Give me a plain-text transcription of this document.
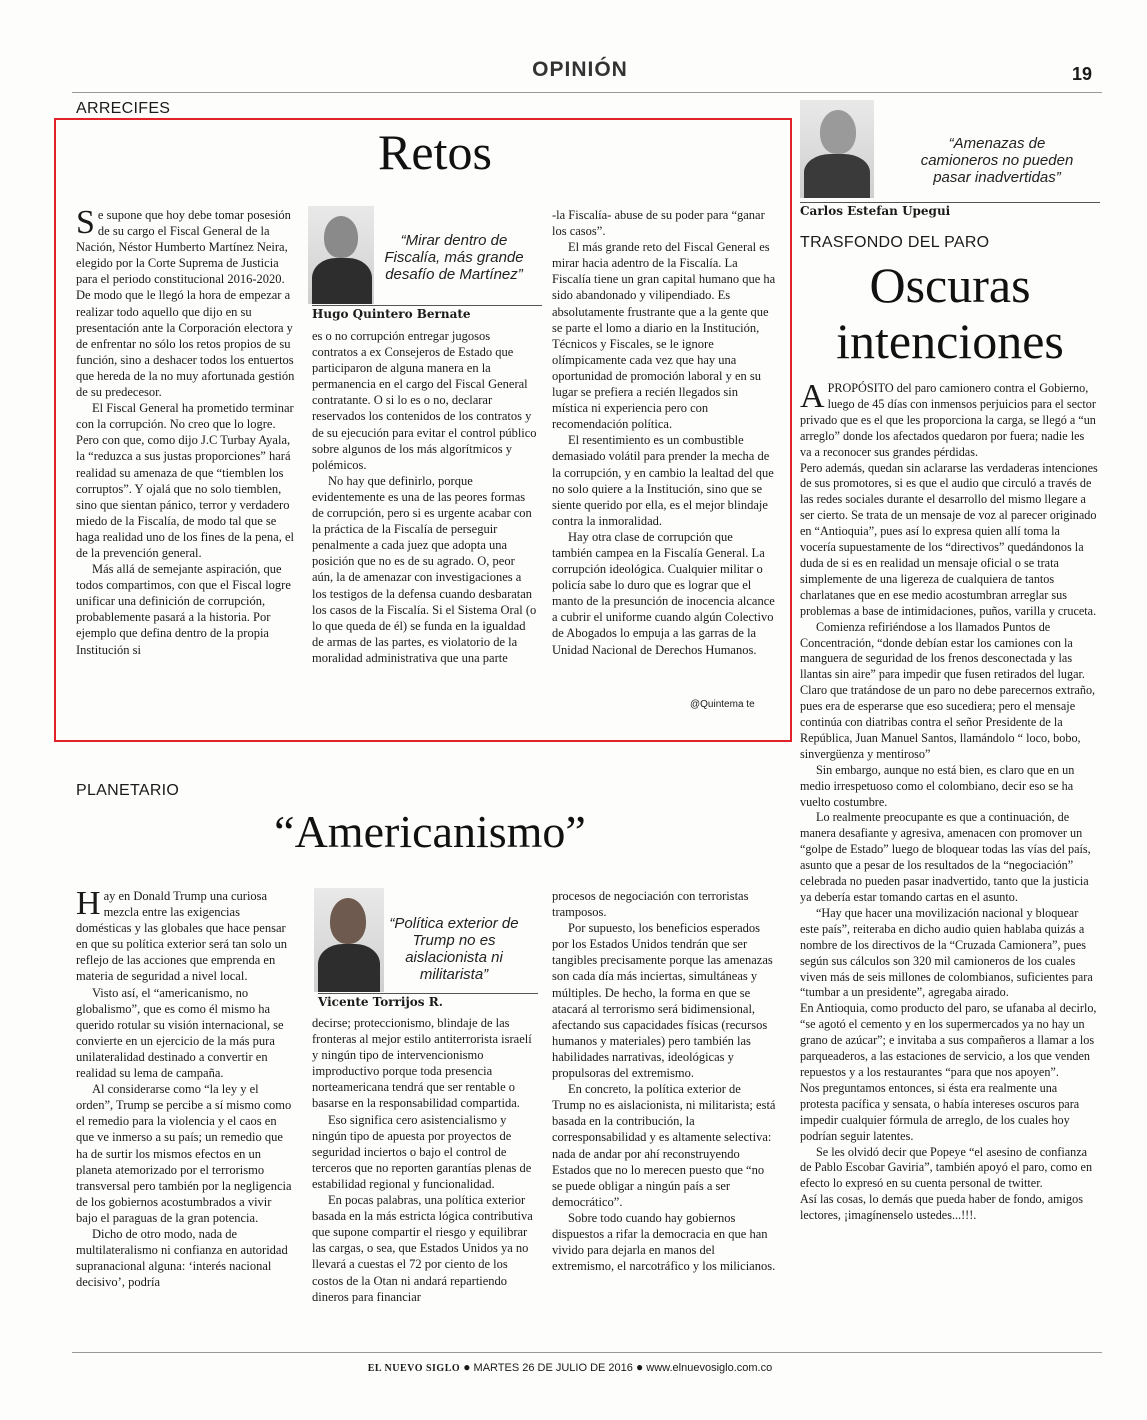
OPINIÓN	19
ARRECIFES
Retos

Se supone que hoy debe tomar posesión de su cargo el Fiscal General de la Nación, Néstor Humberto Martínez Neira, elegido por la Corte Suprema de Justicia para el periodo constitucional 2016-2020. De modo que le llegó la hora de empezar a realizar todo aquello que dijo en su presentación ante la Corporación electora y de enfrentar no sólo los retos propios de su función, sino a deshacer todos los entuertos que hereda de la no muy afortunada gestión de su predecesor.

El Fiscal General ha prometido terminar con la corrupción. No creo que lo logre. Pero con que, como dijo J.C Turbay Ayala, la “reduzca a sus justas proporciones” hará realidad su amenaza de que “tiemblen los corruptos”. Y ojalá que no solo tiemblen, sino que sientan pánico, terror y verdadero miedo de la Fiscalía, de modo tal que se haga realidad uno de los fines de la pena, el de la prevención general.

Más allá de semejante aspiración, que todos compartimos, con que el Fiscal logre unificar una definición de corrupción, probablemente pasará a la historia. Por ejemplo que defina dentro de la propia Institución si

“Mirar dentro de Fiscalía, más grande desafío de Martínez”
Hugo Quintero Bernate

es o no corrupción entregar jugosos contratos a ex Consejeros de Estado que participaron de alguna manera en la permanencia en el cargo del Fiscal General contratante. O si lo es o no, declarar reservados los contenidos de los contratos y de su ejecución para evitar el control público sobre algunos de los más algorítmicos y polémicos.

No hay que definirlo, porque evidentemente es una de las peores formas de corrupción, pero si es urgente acabar con la práctica de la Fiscalía de perseguir penalmente a cada juez que adopta una posición que no es de su agrado. O, peor aún, la de amenazar con investigaciones a los testigos de la defensa cuando desbaratan los casos de la Fiscalía. Si el Sistema Oral (o lo que queda de él) se funda en la igualdad de armas de las partes, es violatorio de la moralidad administrativa que una parte

-la Fiscalía- abuse de su poder para “ganar los casos”.

El más grande reto del Fiscal General es mirar hacia adentro de la Fiscalía. La Fiscalía tiene un gran capital humano que ha sido abandonado y vilipendiado. Es absolutamente frustrante que a la gente que se parte el lomo a diario en la Institución, Técnicos y Fiscales, se le ignore olímpicamente cada vez que hay una oportunidad de promoción laboral y en su lugar se prefiera a recién llegados sin mística ni experiencia pero con recomendación política.

El resentimiento es un combustible demasiado volátil para prender la mecha de la corrupción, y en cambio la lealtad del que no solo quiere a la Institución, sino que se siente querido por ella, es el mejor blindaje contra la inmoralidad.

Hay otra clase de corrupción que también campea en la Fiscalía General. La corrupción ideológica. Cualquier militar o policía sabe lo duro que es lograr que el manto de la presunción de inocencia alcance a cubrir el uniforme cuando algún Colectivo de Abogados lo empuja a las garras de la Unidad Nacional de Derechos Humanos.

@Quintema te
“Amenazas de camioneros no pueden pasar inadvertidas”
Carlos Estefan Upegui
TRASFONDO DEL PARO
Oscuras
intenciones

A PROPÓSITO del paro camionero contra el Gobierno, luego de 45 días con inmensos perjuicios para el sector privado que es el que les proporciona la carga, se llegó a “un arreglo” donde los afectados quedaron por fuera; nadie les va a reconocer sus grandes pérdidas.

Pero además, quedan sin aclararse las verdaderas intenciones de sus promotores, si es que el audio que circuló a través de las redes sociales durante el desarrollo del mismo llegare a ser cierto. Se trata de un mensaje de voz al parecer originado en “Antioquia”, pues así lo expresa quien allí toma la vocería supuestamente de los “directivos” quedándonos la duda de si es en realidad un mensaje oficial o se trata simplemente de una ligereza de cualquiera de tantos charlatanes que en ese medio acostumbran arreglar sus problemas a base de intimidaciones, puños, varilla y cruceta.

Comienza refiriéndose a los llamados Puntos de Concentración, “donde debían estar los camiones con la manguera de seguridad de los frenos desconectada y las llantas sin aire” para impedir que fusen retirados del lugar.

Claro que tratándose de un paro no debe parecernos extraño, pues era de esperarse que eso sucediera; pero el mensaje continúa con diatribas contra el señor Presidente de la República, Juan Manuel Santos, llamándolo “ loco, bobo, sinvergüenza y mentiroso”

Sin embargo, aunque no está bien, es claro que en un medio irrespetuoso como el colombiano, decir eso se ha vuelto costumbre.

Lo realmente preocupante es que a continuación, de manera desafiante y agresiva, amenacen con promover un “golpe de Estado” luego de bloquear todas las vías del país, asunto que a pesar de los resultados de la “negociación” celebrada no pueden pasar inadvertido, tanto que la justicia ya debería estar tomando cartas en el asunto.

“Hay que hacer una movilización nacional y bloquear este país”, reiteraba en dicho audio quien hablaba quizás a nombre de los directivos de la “Cruzada Camionera”, pues según sus cálculos son 320 mil camioneros de los cuales viven más de seis millones de colombianos, suficientes para “tumbar a un presidente”, agregaba airado.

En Antioquia, como producto del paro, se ufanaba al decirlo, “se agotó el cemento y en los supermercados ya no hay un grano de azúcar”; e invitaba a sus compañeros a llamar a los parqueaderos, a las estaciones de servicio, a los que venden repuestos y a los restaurantes “para que nos apoyen”.

Nos preguntamos entonces, si ésta era realmente una protesta pacífica y sensata, o había intereses oscuros para impedir cualquier fórmula de arreglo, de los cuales hoy podrían seguir latentes.

Se les olvidó decir que Popeye “el asesino de confianza de Pablo Escobar Gaviria”, también apoyó el paro, como en efecto lo expresó en su cuenta personal de twitter.

Así las cosas, lo demás que pueda haber de fondo, amigos lectores, ¡imagínenselo ustedes...!!!.

PLANETARIO
“Americanismo”

Hay en Donald Trump una curiosa mezcla entre las exigencias domésticas y las globales que hace pensar en que su política exterior será tan solo un reflejo de las acciones que emprenda en materia de seguridad a nivel local.

Visto así, el “americanismo, no globalismo”, que es como él mismo ha querido rotular su visión internacional, se convierte en un ejercicio de la más pura unilateralidad destinado a convertir en realidad su lema de campaña.

Al considerarse como “la ley y el orden”, Trump se percibe a sí mismo como el remedio para la violencia y el caos en que ve inmerso a su país; un remedio que ha de surtir los mismos efectos en un planeta atemorizado por el terrorismo transversal pero también por la negligencia de los gobiernos acostumbrados a vivir bajo el paraguas de la gran potencia.

Dicho de otro modo, nada de multilateralismo ni confianza en autoridad supranacional alguna: ‘interés nacional decisivo’, podría

“Política exterior de Trump no es aislacionista ni militarista”
Vicente Torrijos R.

decirse; proteccionismo, blindaje de las fronteras al mejor estilo antiterrorista israelí y ningún tipo de intervencionismo improductivo porque toda presencia norteamericana tendrá que ser rentable o basarse en la responsabilidad compartida.

Eso significa cero asistencialismo y ningún tipo de apuesta por proyectos de seguridad inciertos o bajo el control de terceros que no reporten garantías plenas de estabilidad regional y funcionalidad.

En pocas palabras, una política exterior basada en la más estricta lógica contributiva que supone compartir el riesgo y equilibrar las cargas, o sea, que Estados Unidos ya no llevará a cuestas el 72 por ciento de los costos de la Otan ni andará repartiendo dineros para financiar

procesos de negociación con terroristas tramposos.

Por supuesto, los beneficios esperados por los Estados Unidos tendrán que ser tangibles precisamente porque las amenazas son cada día más inciertas, simultáneas y múltiples. De hecho, la forma en que se atacará al terrorismo será bidimensional, afectando sus capacidades físicas (recursos humanos y materiales) pero también las habilidades narrativas, ideológicas y propulsoras del extremismo.

En concreto, la política exterior de Trump no es aislacionista, ni militarista; está basada en la contribución, la corresponsabilidad y es altamente selectiva: nada de andar por ahí reconstruyendo Estados que no lo merecen puesto que “no se puede obligar a ningún país a ser democrático”.

Sobre todo cuando hay gobiernos dispuestos a rifar la democracia en que han vivido para dejarla en manos del extremismo, el narcotráfico y los milicianos.

EL NUEVO SIGLO ● MARTES 26 DE JULIO DE 2016 ● www.elnuevosiglo.com.co
